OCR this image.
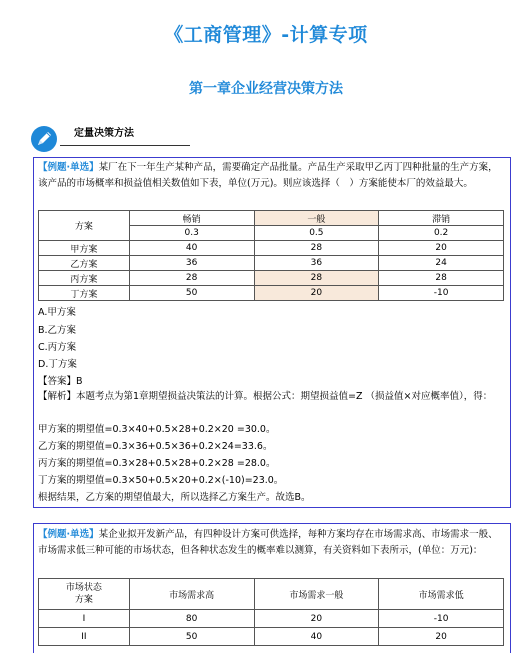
《工商管理》-计算专项
第一章企业经营决策方法
定量决策方法
【例题·单选】某厂在下一年生产某种产品，需要确定产品批量。产品生产采取甲乙丙丁四种批量的生产方案，该产品的市场概率和损益值相关数值如下表，单位(万元)。则应该选择（　）方案能使本厂的效益最大。
方案	畅销	一般	滞销
	0.3	0.5	0.2
甲方案	40	28	20
乙方案	36	36	24
丙方案	28	28	28
丁方案	50	20	-10
A.甲方案
B.乙方案
C.丙方案
D.丁方案
【答案】B
【解析】本题考点为第1章期望损益决策法的计算。根据公式：期望损益值=Z （损益值×对应概率值），得：
甲方案的期望值=0.3×40+0.5×28+0.2×20 =30.0。
乙方案的期望值=0.3×36+0.5×36+0.2×24=33.6。
丙方案的期望值=0.3×28+0.5×28+0.2×28 =28.0。
丁方案的期望值=0.3×50+0.5×20+0.2×(-10)=23.0。
根据结果，乙方案的期望值最大，所以选择乙方案生产。故选B。
【例题·单选】某企业拟开发新产品，有四种设计方案可供选择，每种方案均存在市场需求高、市场需求一般、市场需求低三种可能的市场状态，但各种状态发生的概率难以测算，有关资料如下表所示，(单位：万元)：
市场状态
方案	市场需求高	市场需求一般	市场需求低
I	80	20	-10
II	50	40	20
